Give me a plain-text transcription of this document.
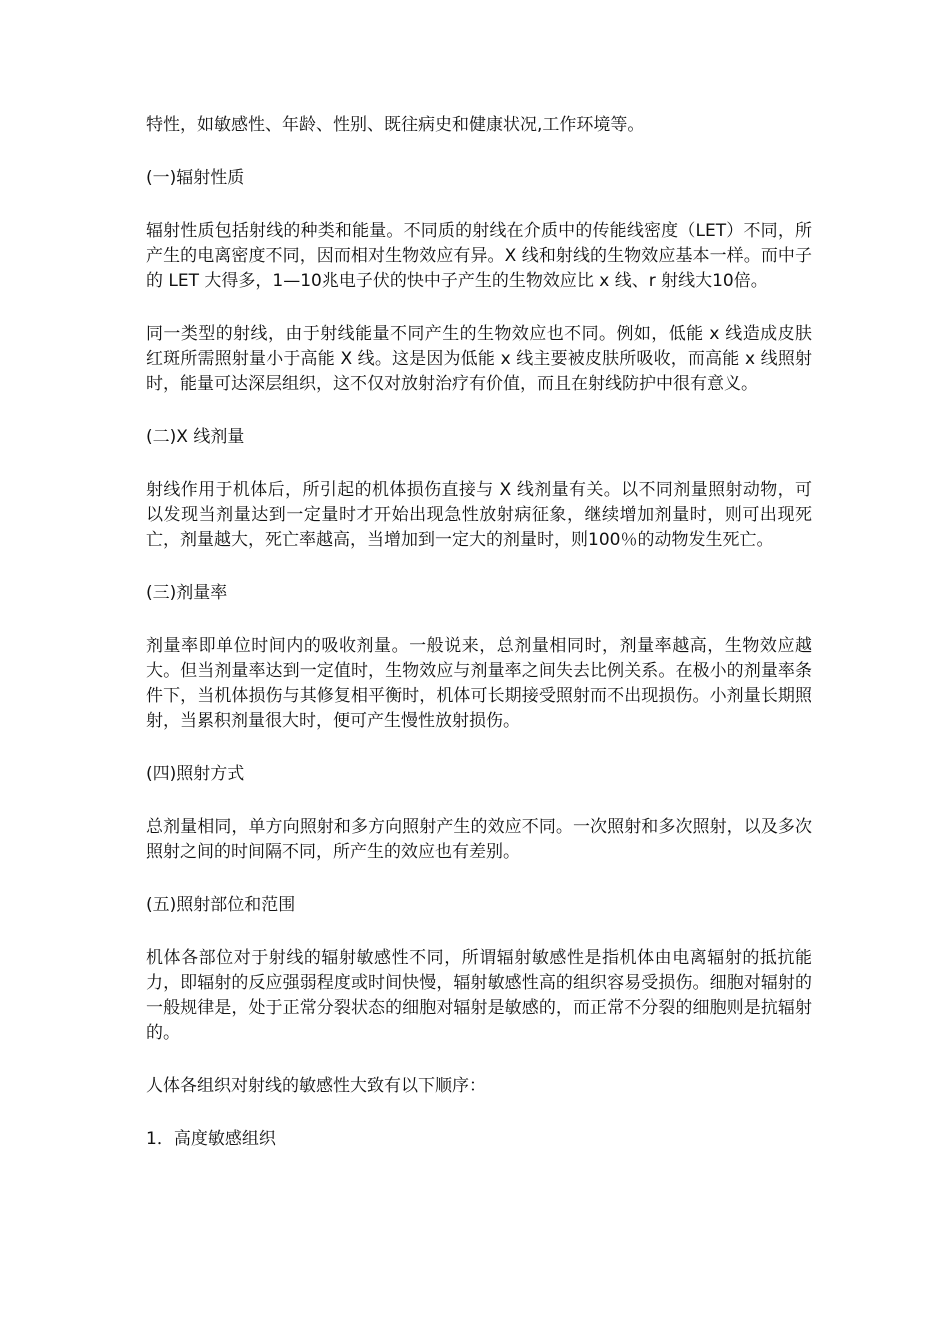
特性，如敏感性、年龄、性别、既往病史和健康状况,工作环境等。

(一)辐射性质

辐射性质包括射线的种类和能量。不同质的射线在介质中的传能线密度（LET）不同，所产生的电离密度不同，因而相对生物效应有异。X 线和射线的生物效应基本一样。而中子的 LET 大得多，1—10兆电子伏的快中子产生的生物效应比 x 线、r 射线大10倍。

同一类型的射线，由于射线能量不同产生的生物效应也不同。例如，低能 x 线造成皮肤红斑所需照射量小于高能 X 线。这是因为低能 x 线主要被皮肤所吸收，而高能 x 线照射时，能量可达深层组织，这不仅对放射治疗有价值，而且在射线防护中很有意义。

(二)X 线剂量

射线作用于机体后，所引起的机体损伤直接与 X 线剂量有关。以不同剂量照射动物，可以发现当剂量达到一定量时才开始出现急性放射病征象，继续增加剂量时，则可出现死亡，剂量越大，死亡率越高，当增加到一定大的剂量时，则100％的动物发生死亡。

(三)剂量率

剂量率即单位时间内的吸收剂量。一般说来，总剂量相同时，剂量率越高，生物效应越大。但当剂量率达到一定值时，生物效应与剂量率之间失去比例关系。在极小的剂量率条件下，当机体损伤与其修复相平衡时，机体可长期接受照射而不出现损伤。小剂量长期照射，当累积剂量很大时，便可产生慢性放射损伤。

(四)照射方式

总剂量相同，单方向照射和多方向照射产生的效应不同。一次照射和多次照射，以及多次照射之间的时间隔不同，所产生的效应也有差别。

(五)照射部位和范围

机体各部位对于射线的辐射敏感性不同，所谓辐射敏感性是指机体由电离辐射的抵抗能力，即辐射的反应强弱程度或时间快慢，辐射敏感性高的组织容易受损伤。细胞对辐射的一般规律是，处于正常分裂状态的细胞对辐射是敏感的，而正常不分裂的细胞则是抗辐射的。

人体各组织对射线的敏感性大致有以下顺序：

1．高度敏感组织
